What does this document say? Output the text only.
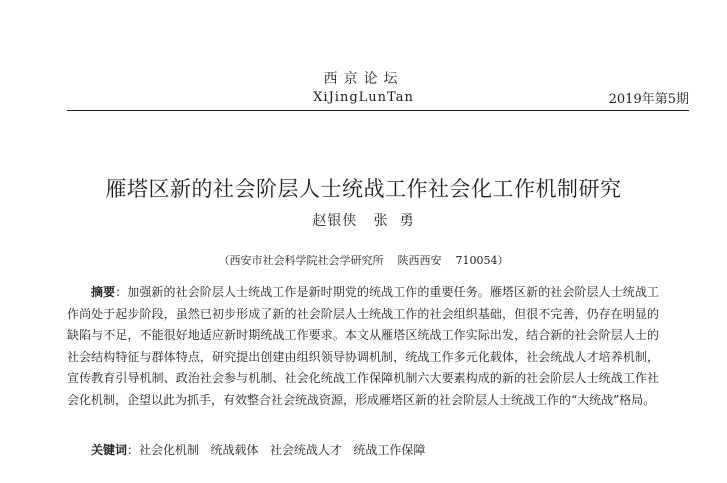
西京论坛
XiJingLunTan	2019年第5期
雁塔区新的社会阶层人士统战工作社会化工作机制研究
赵银侠   张  勇
（西安市社会科学院社会学研究所    陕西西安    710054）

摘要：加强新的社会阶层人士统战工作是新时期党的统战工作的重要任务。雁塔区新的社会阶层人士统战工作尚处于起步阶段，虽然已初步形成了新的社会阶层人士统战工作的社会组织基础，但很不完善，仍存在明显的缺陷与不足，不能很好地适应新时期统战工作要求。本文从雁塔区统战工作实际出发，结合新的社会阶层人士的社会结构特征与群体特点，研究提出创建由组织领导协调机制，统战工作多元化载体，社会统战人才培养机制，宣传教育引导机制、政治社会参与机制、社会化统战工作保障机制六大要素构成的新的社会阶层人士统战工作社会化机制，企望以此为抓手，有效整合社会统战资源，形成雁塔区新的社会阶层人士统战工作的“大统战”格局。

关键词：社会化机制   统战载体   社会统战人才   统战工作保障
